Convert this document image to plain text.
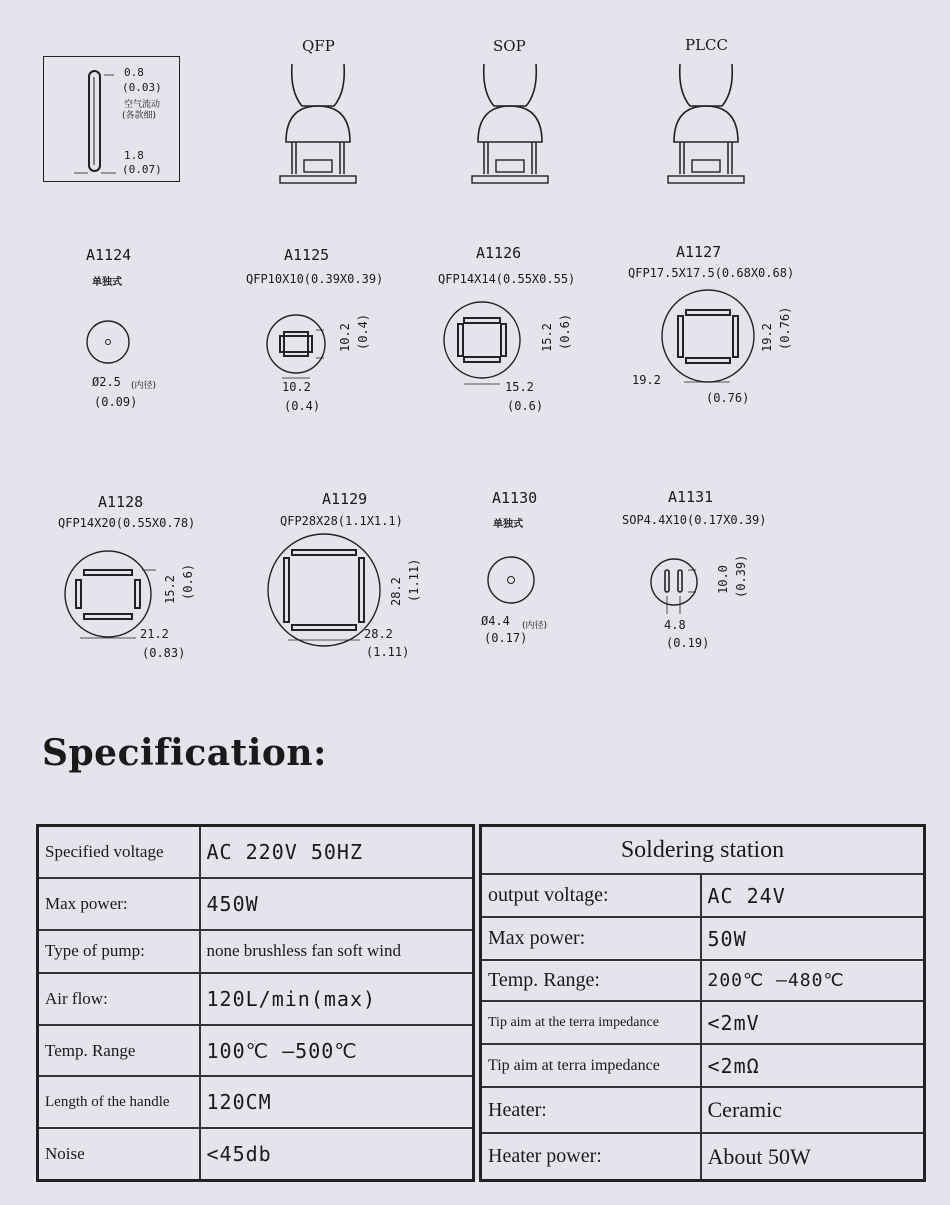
0.8
(0.03)
空气流动
(各款细)
1.8
(0.07)
QFP	SOP	PLCC
A1124
单独式
Ø2.5 (内径)
(0.09)
A1125
QFP10X10(0.39X0.39)
10.2 (0.4)
10.2
(0.4)
A1126
QFP14X14(0.55X0.55)
15.2 (0.6)
15.2
(0.6)
A1127
QFP17.5X17.5(0.68X0.68)
19.2 (0.76)
19.2
(0.76)
A1128
QFP14X20(0.55X0.78)
15.2 (0.6)
21.2
(0.83)
A1129
QFP28X28(1.1X1.1)
28.2 (1.11)
28.2
(1.11)
A1130
单独式
Ø4.4 (内径)
(0.17)
A1131
SOP4.4X10(0.17X0.39)
10.0 (0.39)
4.8
(0.19)
Specification:
Specified voltage	AC 220V 50HZ
Max power:	450W
Type of pump:	none brushless fan soft wind
Air flow:	120L/min(max)
Temp. Range	100℃ —500℃
Length of the handle	120CM
Noise	<45db
Soldering station	
output voltage:	AC 24V
Max power:	50W
Temp. Range:	200℃ —480℃
Tip aim at the terra impedance	<2mV
Tip aim at terra impedance	<2mΩ
Heater:	Ceramic
Heater power:	About 50W
